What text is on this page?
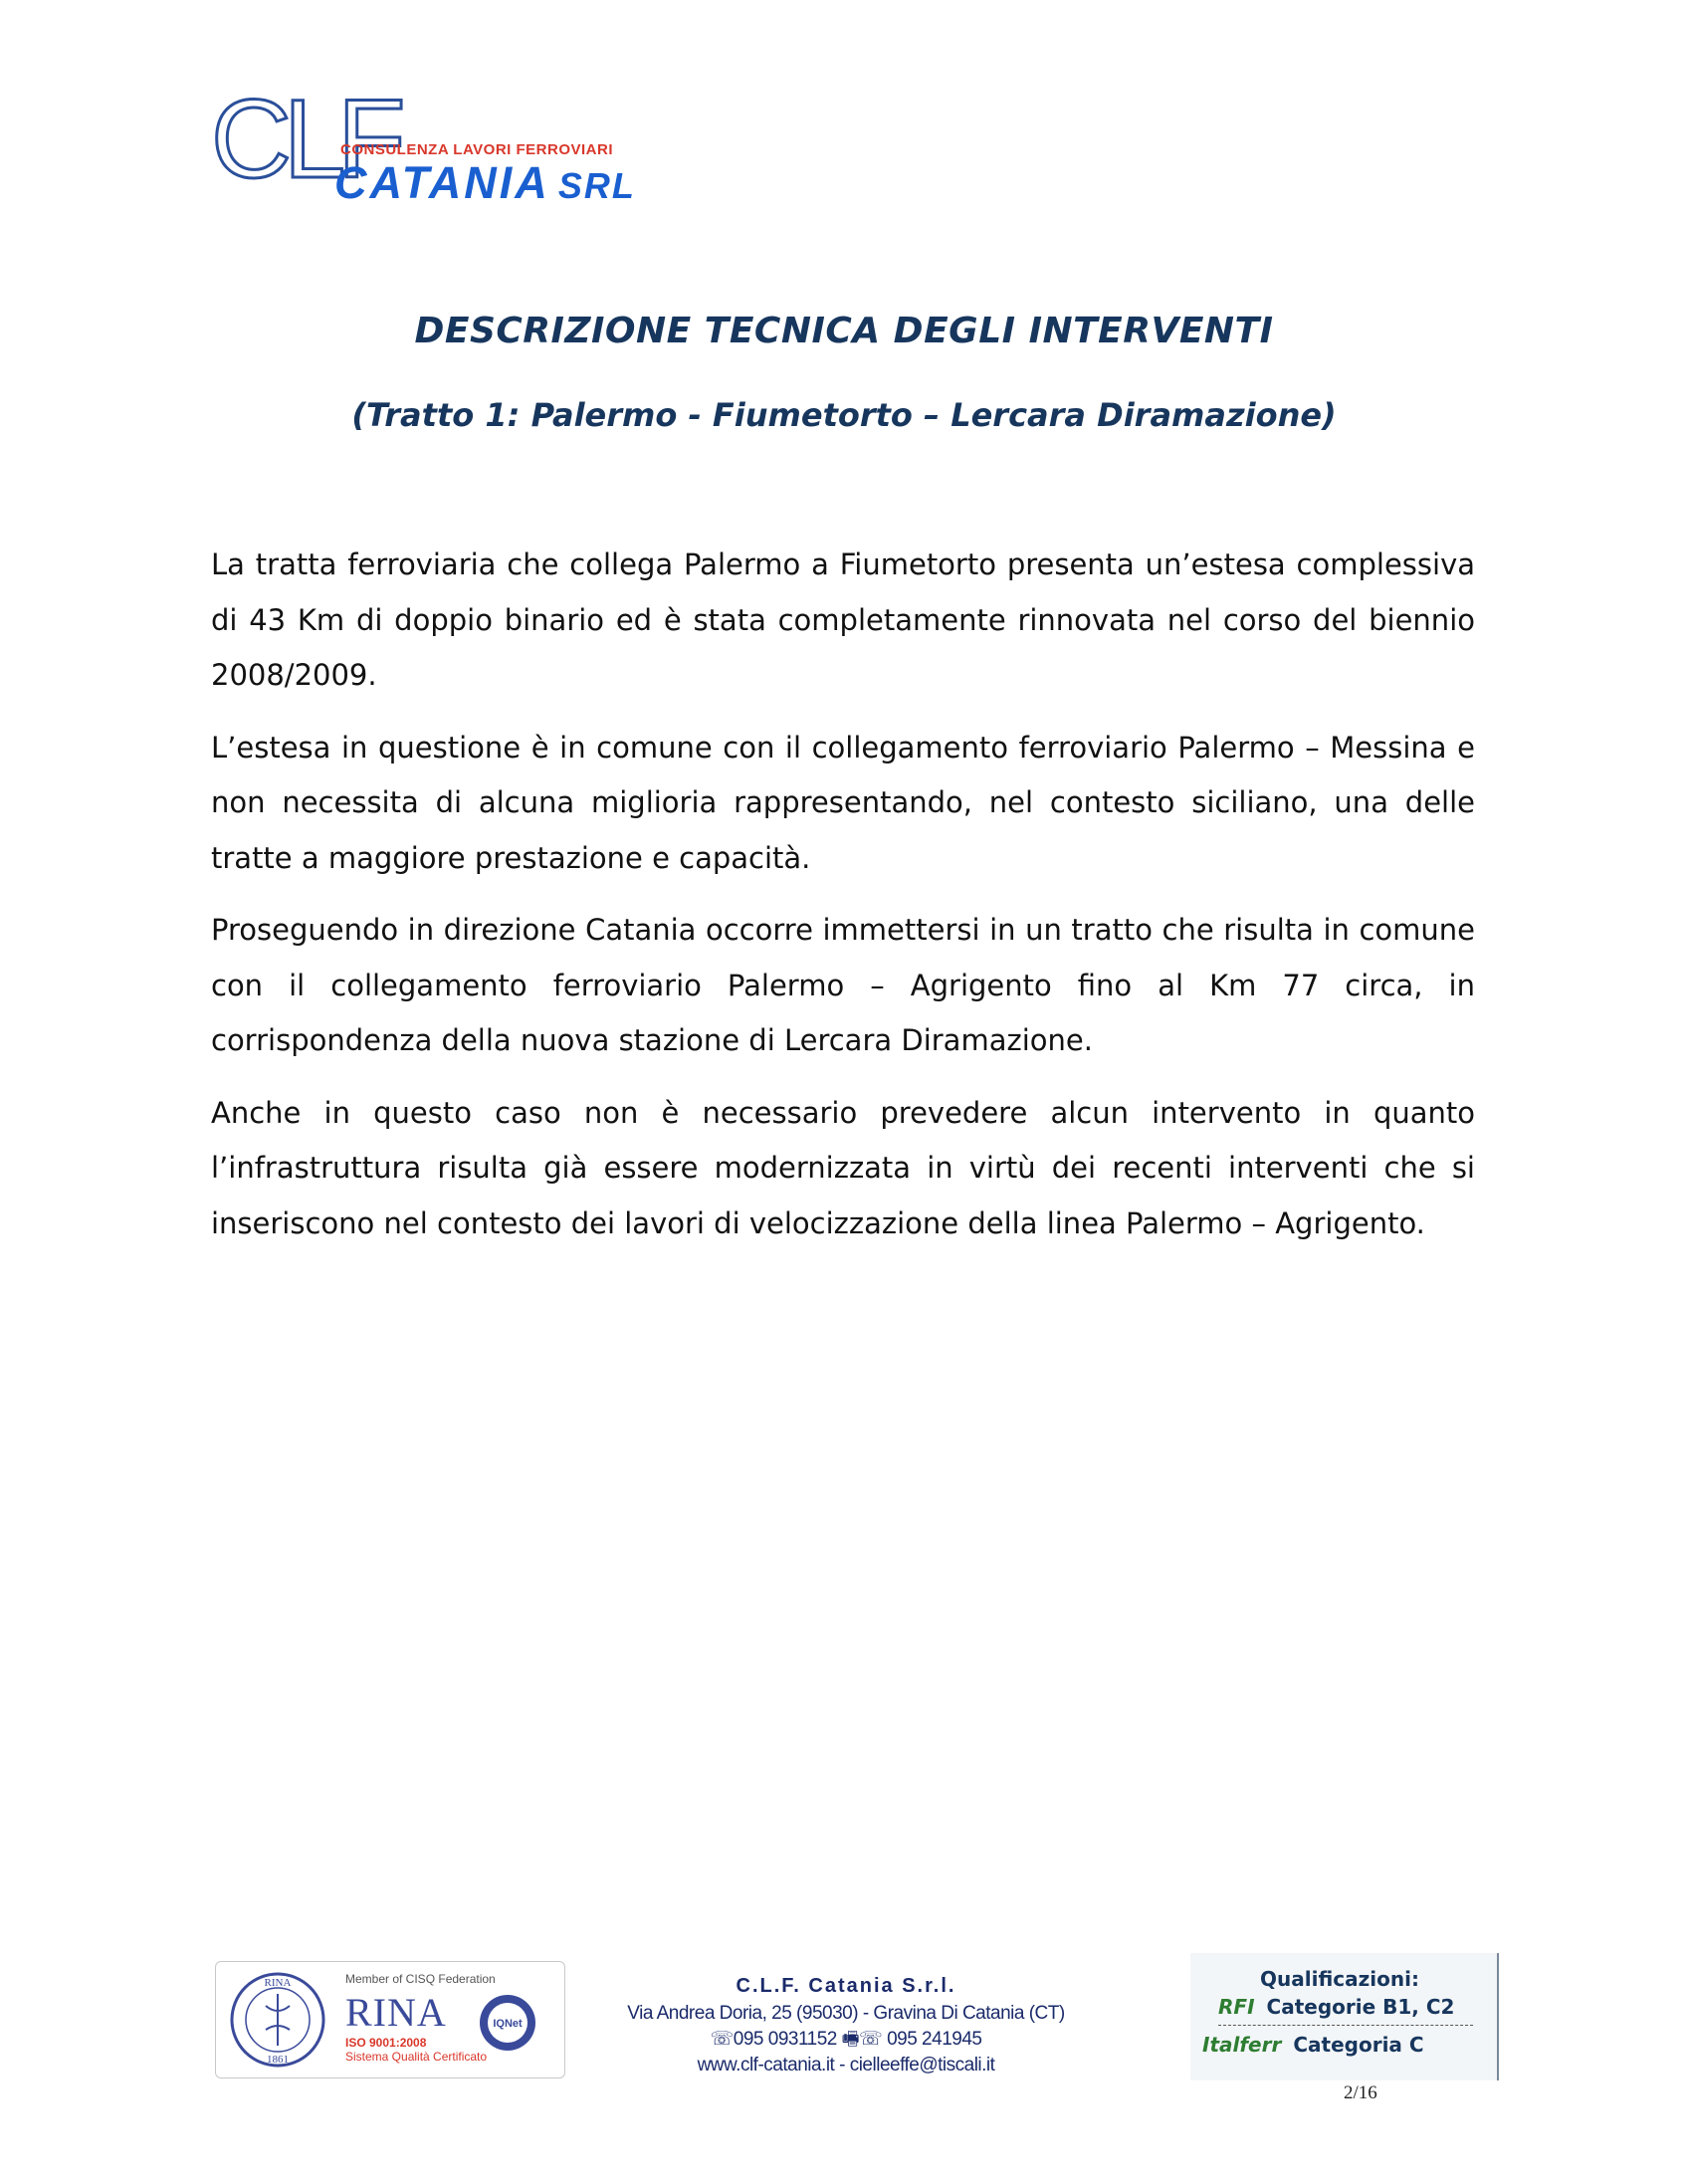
CLF
CONSULENZA LAVORI FERROVIARI
CATANIA SRL
DESCRIZIONE TECNICA DEGLI INTERVENTI
(Tratto 1: Palermo - Fiumetorto – Lercara Diramazione)

La tratta ferroviaria che collega Palermo a Fiumetorto presenta un’estesa complessiva di 43 Km di doppio binario ed è stata completamente rinnovata nel corso del biennio 2008/2009.

L’estesa in questione è in comune con il collegamento ferroviario Palermo – Messina e non necessita di alcuna miglioria rappresentando, nel contesto siciliano, una delle tratte a maggiore prestazione e capacità.

Proseguendo in direzione Catania occorre immettersi in un tratto che risulta in comune con il collegamento ferroviario Palermo – Agrigento fino al Km 77 circa, in corrispondenza della nuova stazione di Lercara Diramazione.

Anche in questo caso non è necessario prevedere alcun intervento in quanto l’infrastruttura risulta già essere modernizzata in virtù dei recenti interventi che si inseriscono nel contesto dei lavori di velocizzazione della linea Palermo – Agrigento.

RINA
1861
Member of CISQ Federation
RINA
ISO 9001:2008
Sistema Qualità Certificato
IQNet
C.L.F. Catania S.r.l.
Via Andrea Doria, 25 (95030) - Gravina Di Catania (CT)
☏095 0931152 🖷☏ 095 241945
www.clf-catania.it - cielleeffe@tiscali.it
Qualificazioni:
RFI Categorie B1, C2
Italferr Categoria C
2/16
